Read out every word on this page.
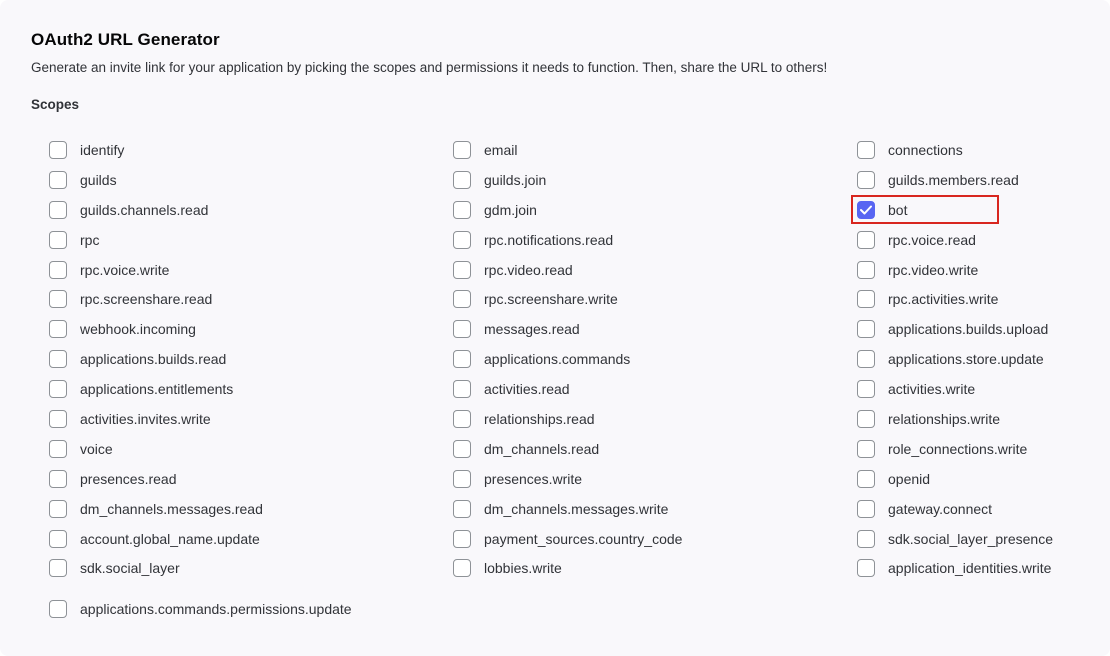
OAuth2 URL Generator
Generate an invite link for your application by picking the scopes and permissions it needs to function. Then, share the URL to others!
Scopes
identify	email	connections
guilds	guilds.join	guilds.members.read
guilds.channels.read	gdm.join	bot
rpc	rpc.notifications.read	rpc.voice.read
rpc.voice.write	rpc.video.read	rpc.video.write
rpc.screenshare.read	rpc.screenshare.write	rpc.activities.write
webhook.incoming	messages.read	applications.builds.upload
applications.builds.read	applications.commands	applications.store.update
applications.entitlements	activities.read	activities.write
activities.invites.write	relationships.read	relationships.write
voice	dm_channels.read	role_connections.write
presences.read	presences.write	openid
dm_channels.messages.read	dm_channels.messages.write	gateway.connect
account.global_name.update	payment_sources.country_code	sdk.social_layer_presence
sdk.social_layer	lobbies.write	application_identities.write
applications.commands.permissions.update
